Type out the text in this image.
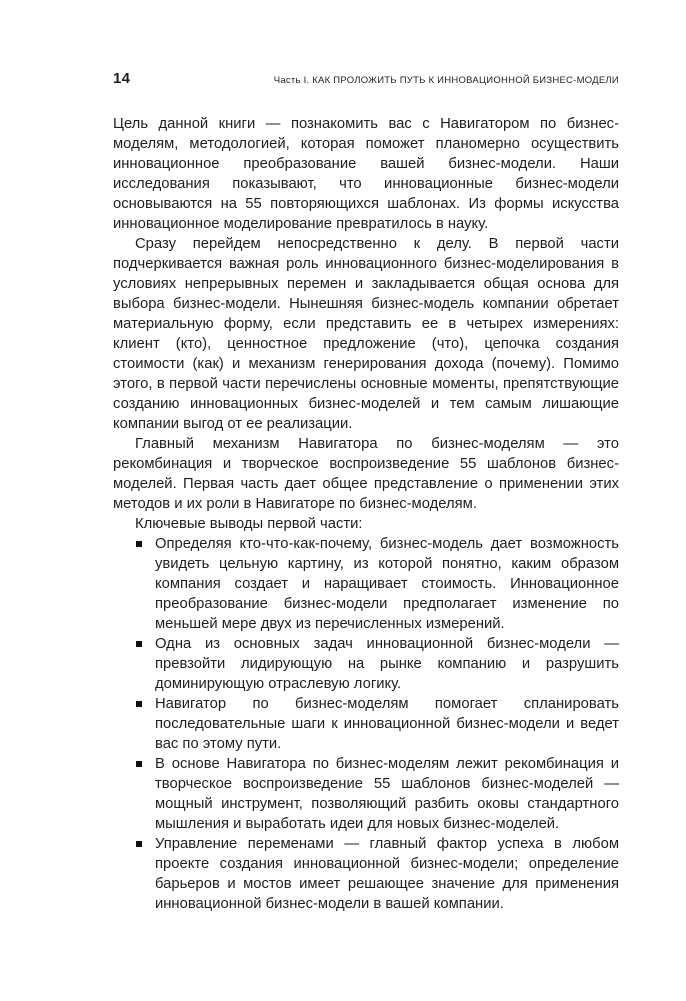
14	Часть I. КАК ПРОЛОЖИТЬ ПУТЬ К ИННОВАЦИОННОЙ БИЗНЕС-МОДЕЛИ

Цель данной книги — познакомить вас с Навигатором по бизнес-моделям, методологией, которая поможет планомерно осуществить инновационное преобразование вашей бизнес-модели. Наши исследования показывают, что инновационные бизнес-модели основываются на 55 повторяющихся шаблонах. Из формы искусства инновационное моделирование превратилось в науку.

Сразу перейдем непосредственно к делу. В первой части подчеркивается важная роль инновационного бизнес-моделирования в условиях непрерывных перемен и закладывается общая основа для выбора бизнес-модели. Нынешняя бизнес-модель компании обретает материальную форму, если представить ее в четырех измерениях: клиент (кто), ценностное предложение (что), цепочка создания стоимости (как) и механизм генерирования дохода (почему). Помимо этого, в первой части перечислены основные моменты, препятствующие созданию инновационных бизнес-моделей и тем самым лишающие компании выгод от ее реализации.

Главный механизм Навигатора по бизнес-моделям — это рекомбинация и творческое воспроизведение 55 шаблонов бизнес-моделей. Первая часть дает общее представление о применении этих методов и их роли в Навигаторе по бизнес-моделям.

Ключевые выводы первой части:

Определяя кто-что-как-почему, бизнес-модель дает возможность увидеть цельную картину, из которой понятно, каким образом компания создает и наращивает стоимость. Инновационное преобразование бизнес-модели предполагает изменение по меньшей мере двух из перечисленных измерений.
Одна из основных задач инновационной бизнес-модели — превзойти лидирующую на рынке компанию и разрушить доминирующую отраслевую логику.
Навигатор по бизнес-моделям помогает спланировать последовательные шаги к инновационной бизнес-модели и ведет вас по этому пути.
В основе Навигатора по бизнес-моделям лежит рекомбинация и творческое воспроизведение 55 шаблонов бизнес-моделей — мощный инструмент, позволяющий разбить оковы стандартного мышления и выработать идеи для новых бизнес-моделей.
Управление переменами — главный фактор успеха в любом проекте создания инновационной бизнес-модели; определение барьеров и мостов имеет решающее значение для применения инновационной бизнес-модели в вашей компании.
